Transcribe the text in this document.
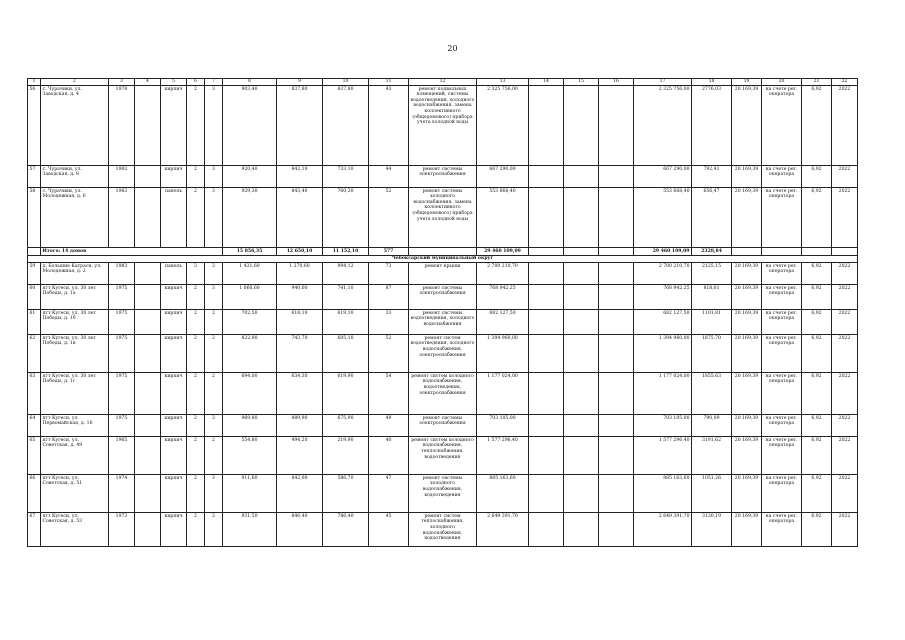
20
1	2	3	4	5	6	7	8	9	10	11	12	13	14	15	16	17	18	19	20	21	22
56	с. Чурачики, ул. Заводская, д. 4	1978		кирпич	2	3	903,40	837,80	837,80	43	ремонт подвальных помещений, системы водоотведения, холодного водоснабжения, замена коллективного (общедомового) прибора учета холодной воды	2 325 756,00				2 325 756,00	2776,03	20 169,39	на счете рег. оператора	6,92	2022
57	с. Чурачики, ул. Заводская, д. 8	1982		кирпич	2	3	920,40	842,10	733,10	44	ремонт системы электроснабжения	667 290,00				667 290,00	792,41	20 169,39	на счете рег. оператора	6,92	2022
58	с. Чурачики, ул. Молодежная, д. 6	1983		панель	2	3	929,30	843,40	760,30	52	ремонт системы холодного водоснабжения, замена коллективного (общедомового) прибора учета холодной воды	553 668,40				553 668,40	656,47	20 169,39	на счете рег. оператора	6,92	2022
	Итого: 14 домов						15 856,35	12 650,10	11 152,10	577		29 460 109,09				29 460 109,09	2328,84				
Чебоксарский муниципальный округ																					
59	д. Большие Катраси, ул. Молодежная, д. 2	1983		панель	3	3	1 431,60	1 270,60	994,12	73	ремонт крыши	2 700 210,70				2 700 210,70	2125,15	20 169,39	на счете рег. оператора	6,92	2022
60	пгт Кугеси, ул. 30 лет Победы, д. 1а	1975		кирпич	2	3	1 060,60	940,00	741,10	87	ремонт системы электроснабжения	768 942,25				768 942,25	818,01	20 169,39	на счете рег. оператора	6,92	2022
61	пгт Кугеси, ул. 30 лет Победы, д. 1б	1975		кирпич	2	2	702,50	618,10	619,10	33	ремонт системы водоотведения, холодного водоснабжения	682 127,50				682 127,50	1101,81	20 169,39	на счете рег. оператора	6,92	2022
62	пгт Кугеси, ул. 30 лет Победы, д. 1в	1975		кирпич	2	2	822,90	743,70	605,10	52	ремонт систем водоотведения, холодного водоснабжения, электроснабжения	1 394 960,00				1 394 960,00	1875,70	20 169,39	на счете рег. оператора	6,92	2022
63	пгт Кугеси, ул. 30 лет Победы, д. 1г	1975		кирпич	2	2	694,00	634,30	619,90	54	ремонт систем холодного водоснабжения, водоотведения, электроснабжения	1 177 024,00				1 177 024,00	1855,63	20 169,39	на счете рег. оператора	6,92	2022
64	пгт Кугеси, ул. Первомайская, д. 16	1975		кирпич	2	3	969,80	889,90	675,90	49	ремонт системы электроснабжения	703 105,00				703 105,00	790,09	20 169,39	на счете рег. оператора	6,92	2022
65	пгт Кугеси, ул. Советская, д. 49	1965		кирпич	2	2	554,80	494,20	219,90	40	ремонт систем холодного водоснабжения, теплоснабжения, водоотведения	1 577 296,40				1 577 296,40	3191,62	20 169,39	на счете рег. оператора	6,92	2022
66	пгт Кугеси, ул. Советская, д. 51	1974		кирпич	2	3	911,60	842,00	586,70	47	ремонт системы холодного водоснабжения, водоотведения	885 163,60				885 163,60	1051,26	20 169,39	на счете рег. оператора	6,92	2022
67	пгт Кугеси, ул. Советская, д. 53	1973		кирпич	2	3	931,50	846,40	786,40	45	ремонт систем теплоснабжения, холодного водоснабжения, водоотведения	2 649 391,70				2 649 391,70	3130,19	20 169,39	на счете рег. оператора	6,92	2022
